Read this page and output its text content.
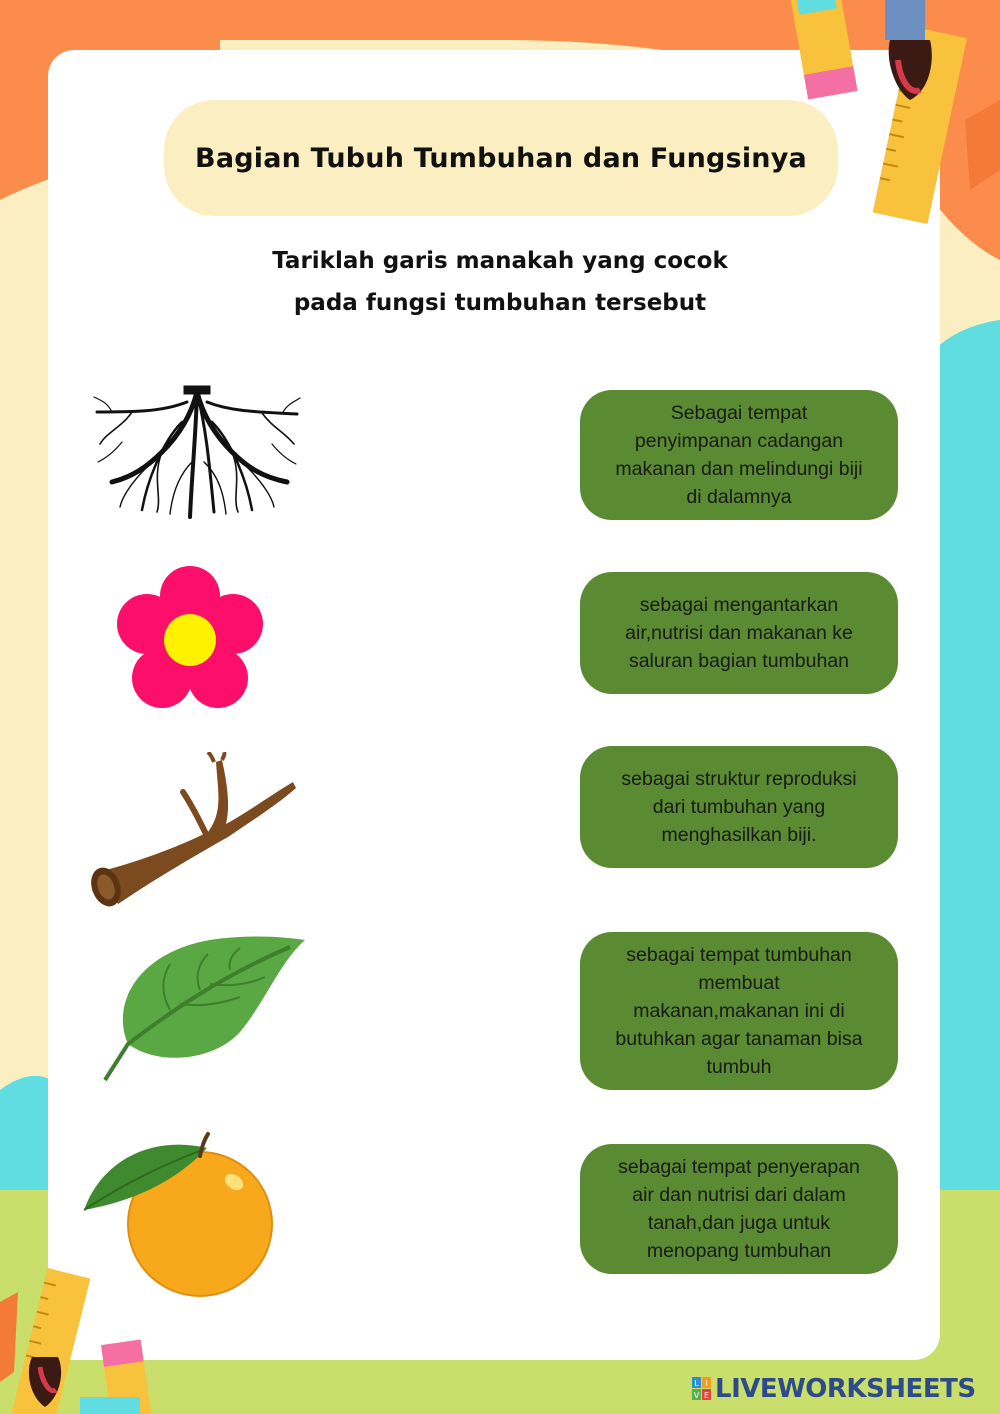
Bagian Tubuh Tumbuhan dan Fungsinya
Tariklah garis manakah yang cocok
pada fungsi tumbuhan tersebut
Sebagai tempat
penyimpanan cadangan
makanan dan melindungi biji
di dalamnya
sebagai mengantarkan
air,nutrisi dan makanan ke
saluran bagian tumbuhan
sebagai struktur reproduksi
dari tumbuhan yang
menghasilkan biji.
sebagai tempat tumbuhan
membuat
makanan,makanan ini di
butuhkan agar tanaman bisa
tumbuh
sebagai tempat penyerapan
air dan nutrisi dari dalam
tanah,dan juga untuk
menopang tumbuhan
L I
V E LIVEWORKSHEETS
